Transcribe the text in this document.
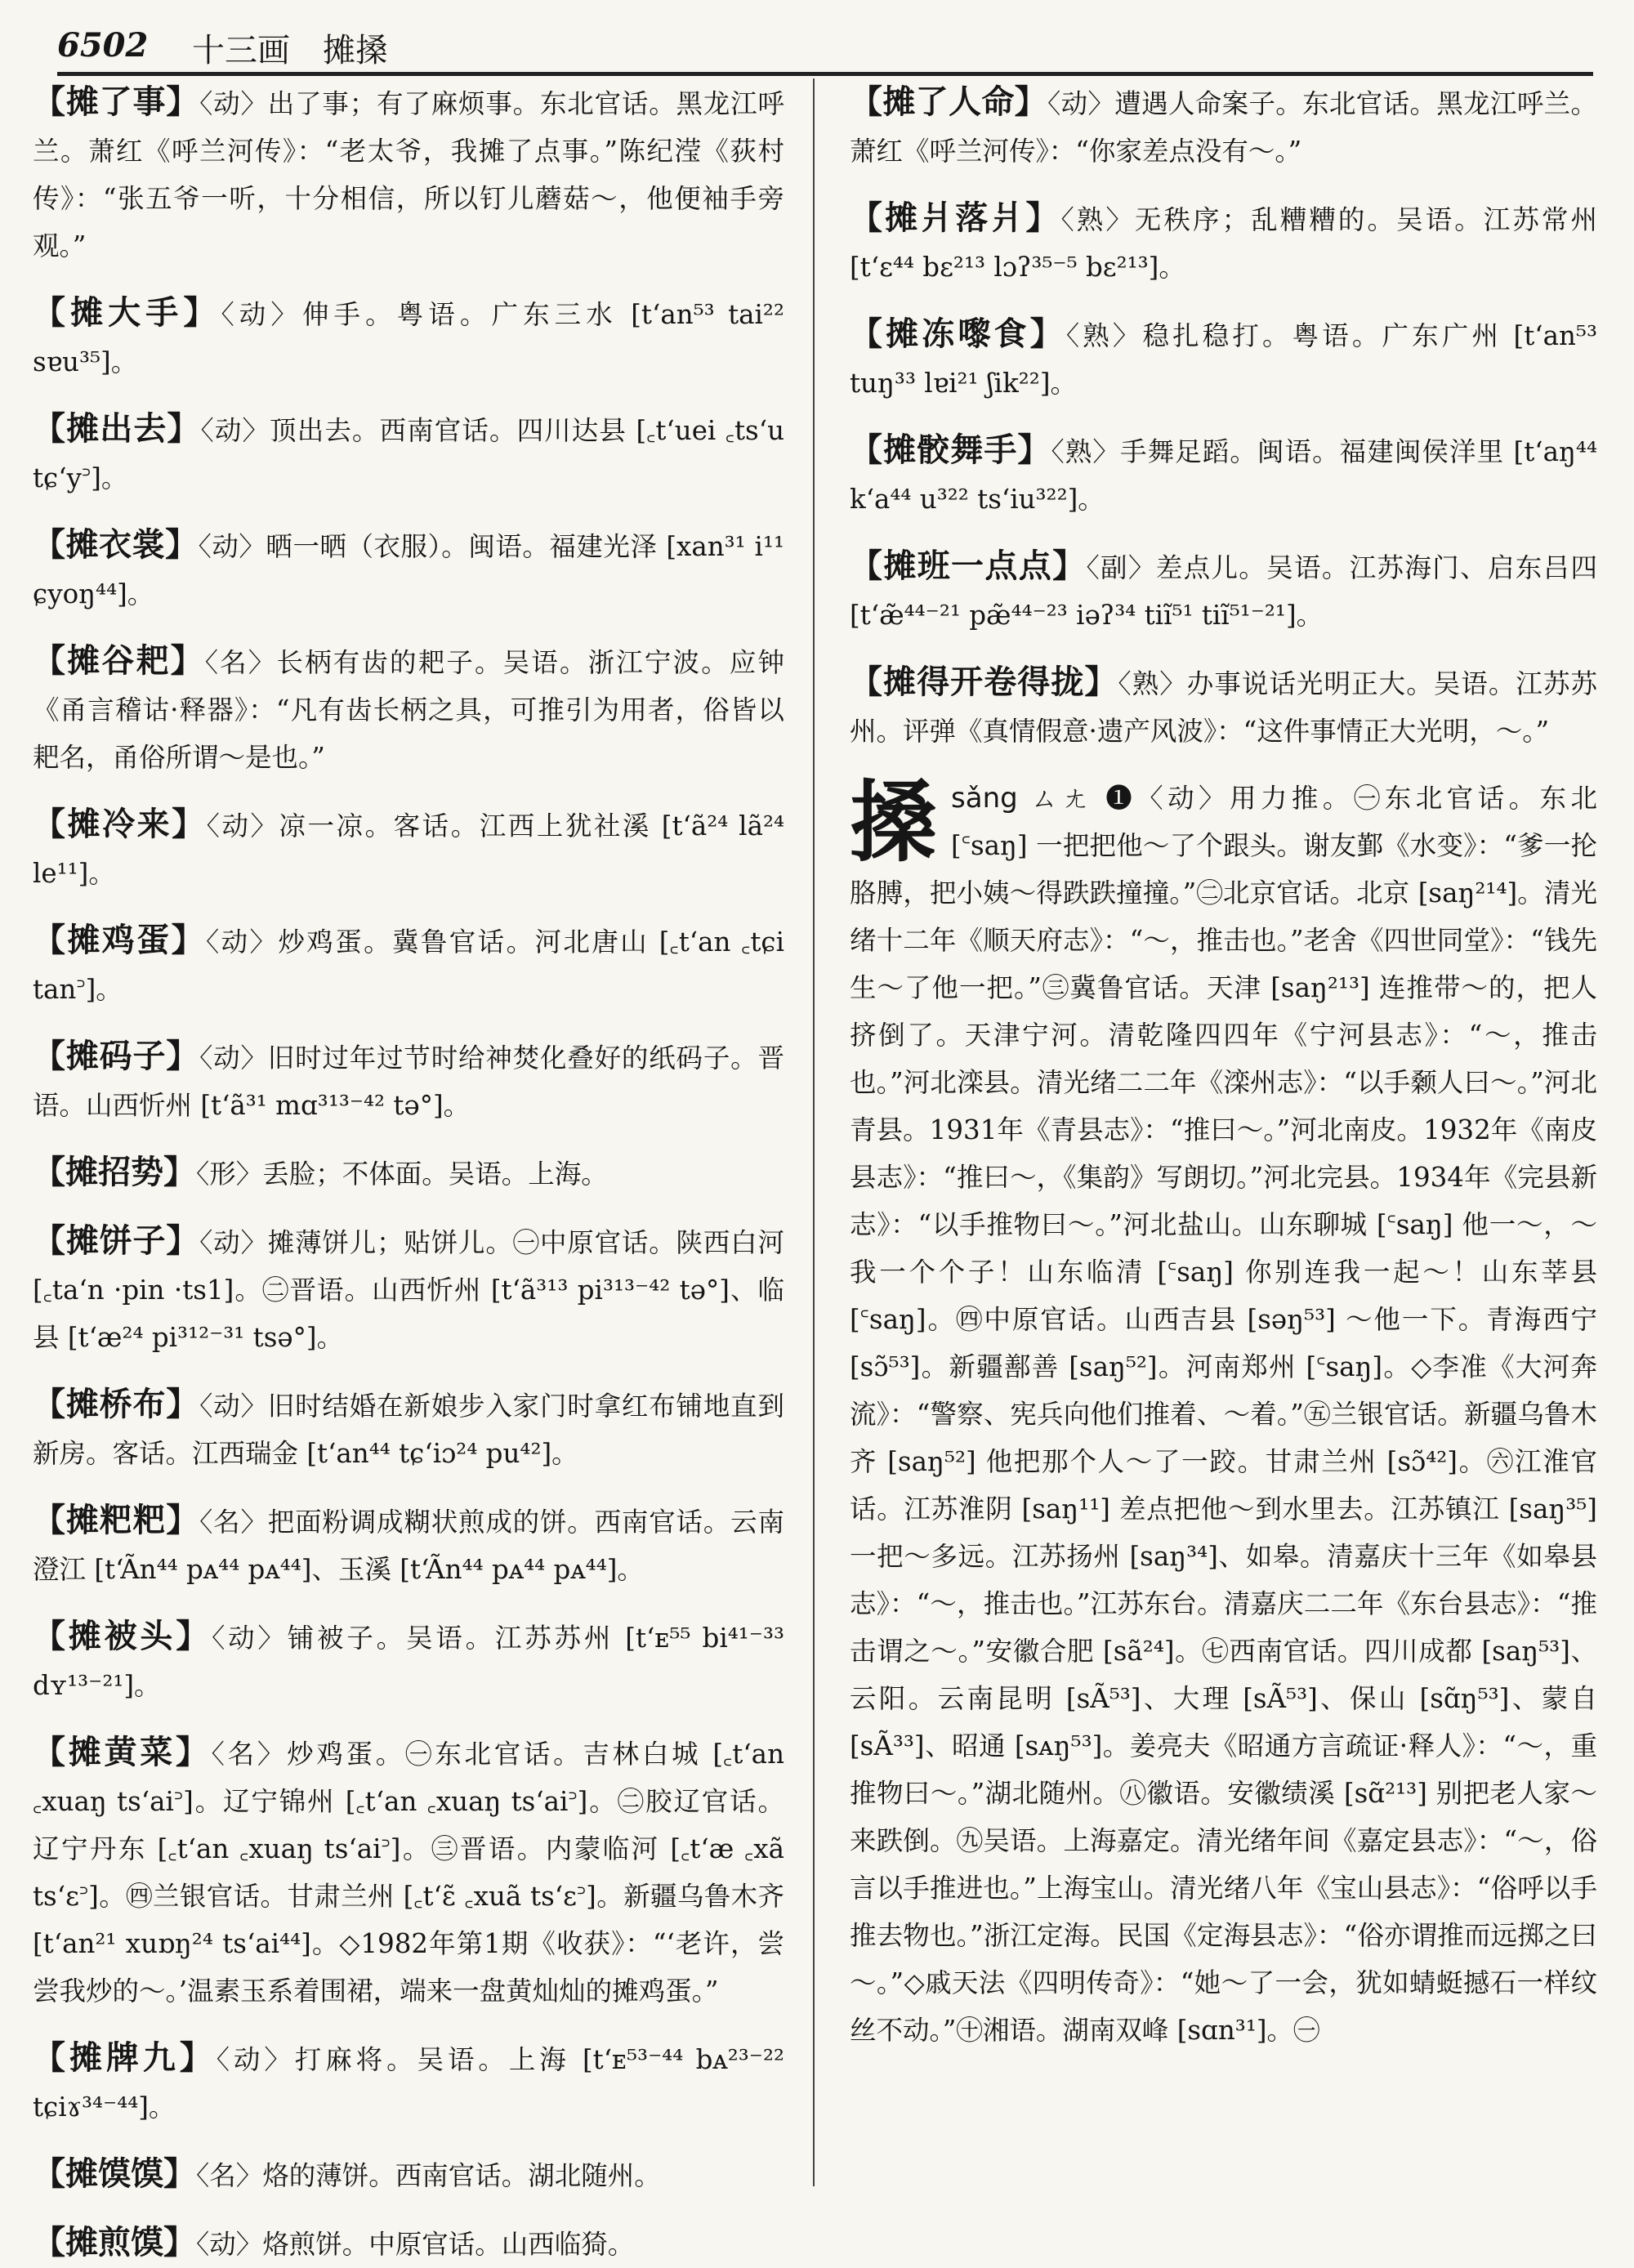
6502 十三画　摊搡

【摊了事】〈动〉出了事；有了麻烦事。东北官话。黑龙江呼兰。萧红《呼兰河传》：“老太爷，我摊了点事。”陈纪滢《荻村传》：“张五爷一听，十分相信，所以钉儿蘑菇～，他便袖手旁观。”

【摊大手】〈动〉伸手。粤语。广东三水 [tʻan⁵³ tai²² sɐu³⁵]。

【摊出去】〈动〉顶出去。西南官话。四川达县 [꜀tʻuei ꜀tsʻu tɕʻy꜄]。

【摊衣裳】〈动〉晒一晒（衣服）。闽语。福建光泽 [xan³¹ i¹¹ ɕyoŋ⁴⁴]。

【摊谷耙】〈名〉长柄有齿的耙子。吴语。浙江宁波。应钟《甬言稽诂·释器》：“凡有齿长柄之具，可推引为用者，俗皆以耙名，甬俗所谓～是也。”

【摊冷来】〈动〉凉一凉。客话。江西上犹社溪 [tʻã²⁴ lã²⁴ le¹¹]。

【摊鸡蛋】〈动〉炒鸡蛋。冀鲁官话。河北唐山 [꜀tʻan ꜀tɕi tan꜄]。

【摊码子】〈动〉旧时过年过节时给神焚化叠好的纸码子。晋语。山西忻州 [tʻã³¹ mɑ³¹³⁻⁴² tə°]。

【摊招势】〈形〉丢脸；不体面。吴语。上海。

【摊饼子】〈动〉摊薄饼儿；贴饼儿。㊀中原官话。陕西白河 [꜀taʻn ·pin ·ts1]。㊁晋语。山西忻州 [tʻã³¹³ pi³¹³⁻⁴² tə°]、临县 [tʻæ²⁴ pi³¹²⁻³¹ tsə°]。

【摊桥布】〈动〉旧时结婚在新娘步入家门时拿红布铺地直到新房。客话。江西瑞金 [tʻan⁴⁴ tɕʻiɔ²⁴ pu⁴²]。

【摊粑粑】〈名〉把面粉调成糊状煎成的饼。西南官话。云南澄江 [tʻÃn⁴⁴ pᴀ⁴⁴ pᴀ⁴⁴]、玉溪 [tʻÃn⁴⁴ pᴀ⁴⁴ pᴀ⁴⁴]。

【摊被头】〈动〉铺被子。吴语。江苏苏州 [tʻᴇ⁵⁵ bi⁴¹⁻³³ dʏ¹³⁻²¹]。

【摊黄菜】〈名〉炒鸡蛋。㊀东北官话。吉林白城 [꜀tʻan ꜀xuaŋ tsʻai꜄]。辽宁锦州 [꜀tʻan ꜀xuaŋ tsʻai꜄]。㊁胶辽官话。辽宁丹东 [꜀tʻan ꜀xuaŋ tsʻai꜄]。㊂晋语。内蒙临河 [꜀tʻæ ꜀xã tsʻɛ꜄]。㊃兰银官话。甘肃兰州 [꜀tʻɛ̃ ꜀xuã tsʻɛ꜄]。新疆乌鲁木齐 [tʻan²¹ xuɒŋ²⁴ tsʻai⁴⁴]。◇1982年第1期《收获》：“‘老许，尝尝我炒的～。’温素玉系着围裙，端来一盘黄灿灿的摊鸡蛋。”

【摊牌九】〈动〉打麻将。吴语。上海 [tʻᴇ⁵³⁻⁴⁴ bᴀ²³⁻²² tɕiɤ³⁴⁻⁴⁴]。

【摊馍馍】〈名〉烙的薄饼。西南官话。湖北随州。

【摊煎馍】〈动〉烙煎饼。中原官话。山西临猗。

【摊了人命】〈动〉遭遇人命案子。东北官话。黑龙江呼兰。萧红《呼兰河传》：“你家差点没有～。”

【摊爿落爿】〈熟〉无秩序；乱糟糟的。吴语。江苏常州 [tʻɛ⁴⁴ bɛ²¹³ lɔʔ³⁵⁻⁵ bɛ²¹³]。

【摊冻嚟食】〈熟〉稳扎稳打。粤语。广东广州 [tʻan⁵³ tuŋ³³ lɐi²¹ ʃik²²]。

【摊骹舞手】〈熟〉手舞足蹈。闽语。福建闽侯洋里 [tʻaŋ⁴⁴ kʻa⁴⁴ u³²² tsʻiu³²²]。

【摊班一点点】〈副〉差点儿。吴语。江苏海门、启东吕四 [tʻæ̃⁴⁴⁻²¹ pæ̃⁴⁴⁻²³ iəʔ³⁴ tiĩ⁵¹ tiĩ⁵¹⁻²¹]。

【摊得开卷得拢】〈熟〉办事说话光明正大。吴语。江苏苏州。评弹《真情假意·遗产风波》：“这件事情正大光明，～。”

搡 sǎng ㄙㄤ ❶〈动〉用力推。㊀东北官话。东北 [꜂saŋ] 一把把他～了个跟头。谢友鄞《水变》：“爹一抡胳膊，把小姨～得跌跌撞撞。”㊁北京官话。北京 [saŋ²¹⁴]。清光绪十二年《顺天府志》：“～，推击也。”老舍《四世同堂》：“钱先生～了他一把。”㊂冀鲁官话。天津 [saŋ²¹³] 连推带～的，把人挤倒了。天津宁河。清乾隆四四年《宁河县志》：“～，推击也。”河北滦县。清光绪二二年《滦州志》：“以手颡人曰～。”河北青县。1931年《青县志》：“推曰～。”河北南皮。1932年《南皮县志》：“推曰～，《集韵》写朗切。”河北完县。1934年《完县新志》：“以手推物曰～。”河北盐山。山东聊城 [꜂saŋ] 他一～，～我一个个子！山东临清 [꜂saŋ] 你别连我一起～！山东莘县 [꜂saŋ]。㊃中原官话。山西吉县 [səŋ⁵³] ～他一下。青海西宁 [sɔ̃⁵³]。新疆鄯善 [saŋ⁵²]。河南郑州 [꜂saŋ]。◇李准《大河奔流》：“警察、宪兵向他们推着、～着。”㊄兰银官话。新疆乌鲁木齐 [saŋ⁵²] 他把那个人～了一跤。甘肃兰州 [sɔ̃⁴²]。㊅江淮官话。江苏淮阴 [saŋ¹¹] 差点把他～到水里去。江苏镇江 [saŋ³⁵] 一把～多远。江苏扬州 [saŋ³⁴]、如皋。清嘉庆十三年《如皋县志》：“～，推击也。”江苏东台。清嘉庆二二年《东台县志》：“推击谓之～。”安徽合肥 [sã²⁴]。㊆西南官话。四川成都 [saŋ⁵³]、云阳。云南昆明 [sÃ⁵³]、大理 [sÃ⁵³]、保山 [sɑ̃ŋ⁵³]、蒙自 [sÃ³³]、昭通 [sᴀŋ⁵³]。姜亮夫《昭通方言疏证·释人》：“～，重推物曰～。”湖北随州。㊇徽语。安徽绩溪 [sɑ̃²¹³] 别把老人家～来跌倒。㊈吴语。上海嘉定。清光绪年间《嘉定县志》：“～，俗言以手推进也。”上海宝山。清光绪八年《宝山县志》：“俗呼以手推去物也。”浙江定海。民国《定海县志》：“俗亦谓推而远掷之曰～。”◇戚天法《四明传奇》：“她～了一会，犹如蜻蜓撼石一样纹丝不动。”㊉湘语。湖南双峰 [sɑn³¹]。㊀
